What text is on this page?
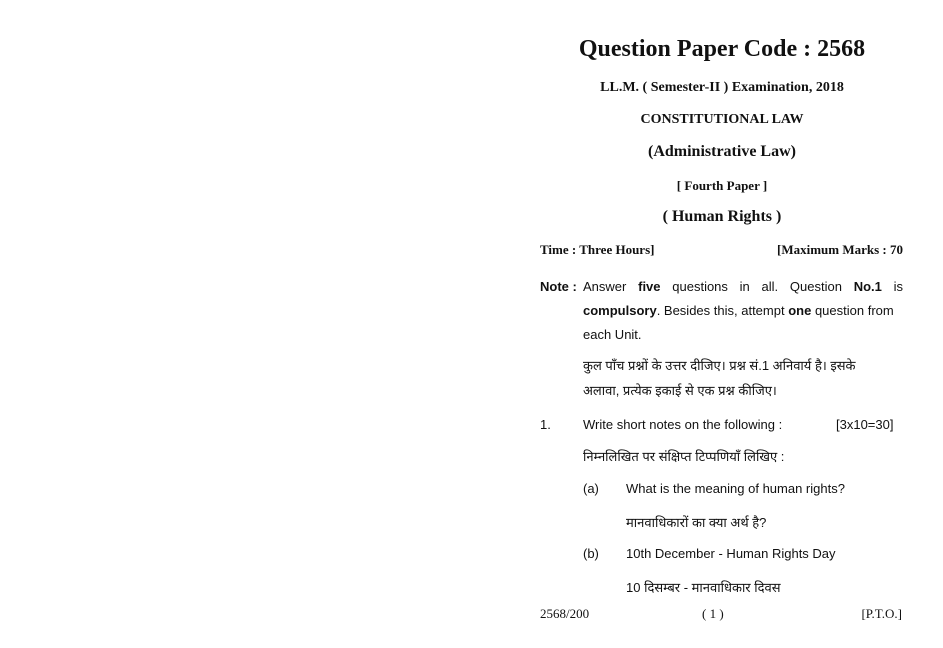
Question Paper Code : 2568
LL.M. ( Semester-II ) Examination, 2018
CONSTITUTIONAL LAW
(Administrative Law)
[ Fourth Paper ]
( Human Rights )
Time : Three Hours]	[Maximum Marks : 70
Note : Answer five questions in all. Question No.1 is
compulsory. Besides this, attempt one question from
each Unit.
कुल पाँच प्रश्नों के उत्तर दीजिए। प्रश्न सं.1 अनिवार्य है। इसके
अलावा, प्रत्येक इकाई से एक प्रश्न कीजिए।
1. Write short notes on the following :	[3x10=30]
निम्नलिखित पर संक्षिप्त टिप्पणियाँ लिखिए :
(a) What is the meaning of human rights?
मानवाधिकारों का क्या अर्थ है?
(b) 10th December - Human Rights Day
10 दिसम्बर - मानवाधिकार दिवस
2568/200	( 1 )	[P.T.O.]
